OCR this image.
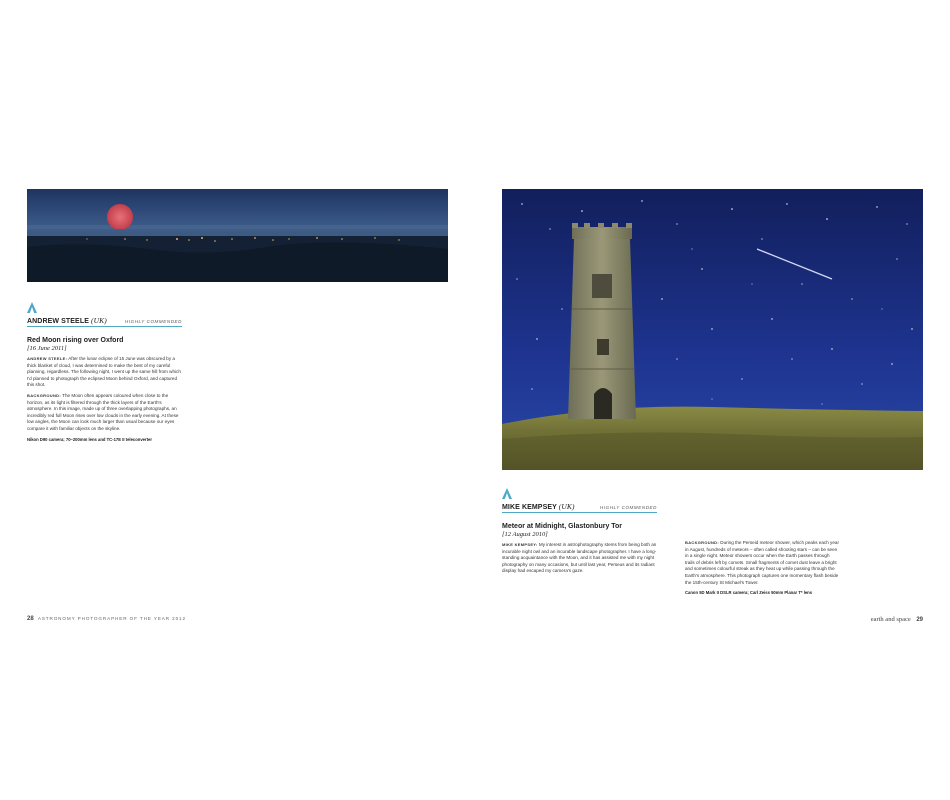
ANDREW STEELE (UK)	HIGHLY COMMENDED
Red Moon rising over Oxford
[16 June 2011]

ANDREW STEELE: After the lunar eclipse of 15 June was obscured by a thick blanket of cloud, I was determined to make the best of my careful planning, regardless. The following night, I went up the same hill from which I'd planned to photograph the eclipsed Moon behind Oxford, and captured this shot.

BACKGROUND: The Moon often appears coloured when close to the horizon, as its light is filtered through the thick layers of the Earth's atmosphere. In this image, made up of three overlapping photographs, an incredibly red full Moon rises over low clouds in the early evening. At these low angles, the Moon can look much larger than usual because our eyes compare it with familiar objects on the skyline.

Nikon D90 camera; 70–200mm lens and TC-17E II teleconverter
28 ASTRONOMY PHOTOGRAPHER OF THE YEAR 2012
MIKE KEMPSEY (UK)	HIGHLY COMMENDED
Meteor at Midnight, Glastonbury Tor
[12 August 2010]

MIKE KEMPSEY: My interest in astrophotography stems from being both an incurable night owl and an incurable landscape photographer. I have a long-standing acquaintance with the Moon, and it has assisted me with my night photography on many occasions, but until last year, Perseus and its radiant display had escaped my camera's gaze.

BACKGROUND: During the Perseid meteor shower, which peaks each year in August, hundreds of meteors – often called shooting stars – can be seen in a single night. Meteor showers occur when the Earth passes through trails of debris left by comets. Small fragments of comet dust leave a bright and sometimes colourful streak as they heat up while passing through the Earth's atmosphere. This photograph captures one momentary flash beside the 15th-century St Michael's Tower.

Canon 5D Mark II DSLR camera; Carl Zeiss 50mm Planar T* lens
earth and space 29
